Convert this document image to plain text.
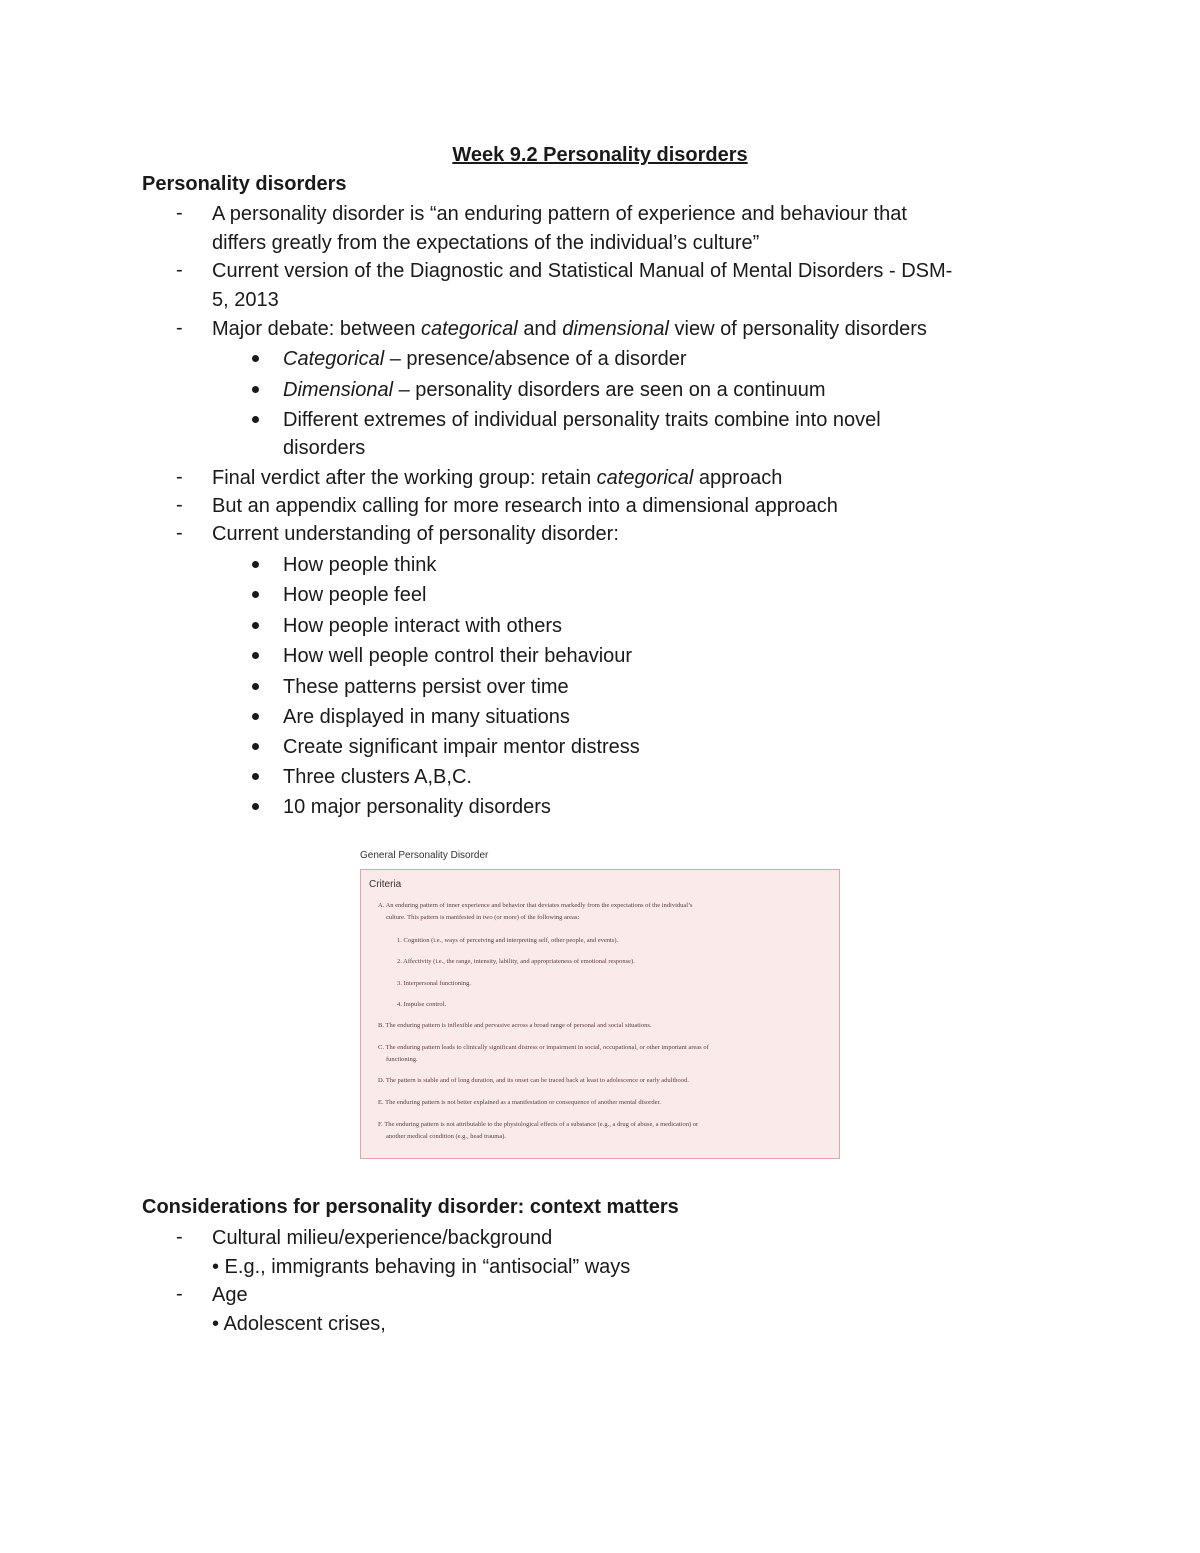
Week 9.2 Personality disorders
Personality disorders
- A personality disorder is “an enduring pattern of experience and behaviour that
differs greatly from the expectations of the individual’s culture”
- Current version of the Diagnostic and Statistical Manual of Mental Disorders - DSM-
5, 2013
- Major debate: between categorical and dimensional view of personality disorders
Categorical – presence/absence of a disorder
Dimensional – personality disorders are seen on a continuum
Different extremes of individual personality traits combine into novel
disorders
- Final verdict after the working group: retain categorical approach
- But an appendix calling for more research into a dimensional approach
- Current understanding of personality disorder:
How people think
How people feel
How people interact with others
How well people control their behaviour
These patterns persist over time
Are displayed in many situations
Create significant impair mentor distress
Three clusters A,B,C.
10 major personality disorders
General Personality Disorder
Criteria
A. An enduring pattern of inner experience and behavior that deviates markedly from the expectations of the individual’s
culture. This pattern is manifested in two (or more) of the following areas:
1. Cognition (i.e., ways of perceiving and interpreting self, other people, and events).
2. Affectivity (i.e., the range, intensity, lability, and appropriateness of emotional response).
3. Interpersonal functioning.
4. Impulse control.
B. The enduring pattern is inflexible and pervasive across a broad range of personal and social situations.
C. The enduring pattern leads to clinically significant distress or impairment in social, occupational, or other important areas of
functioning.
D. The pattern is stable and of long duration, and its onset can be traced back at least to adolescence or early adulthood.
E. The enduring pattern is not better explained as a manifestation or consequence of another mental disorder.
F. The enduring pattern is not attributable to the physiological effects of a substance (e.g., a drug of abuse, a medication) or
another medical condition (e.g., head trauma).
Considerations for personality disorder: context matters
- Cultural milieu/experience/background
• E.g., immigrants behaving in “antisocial” ways
- Age
• Adolescent crises,
